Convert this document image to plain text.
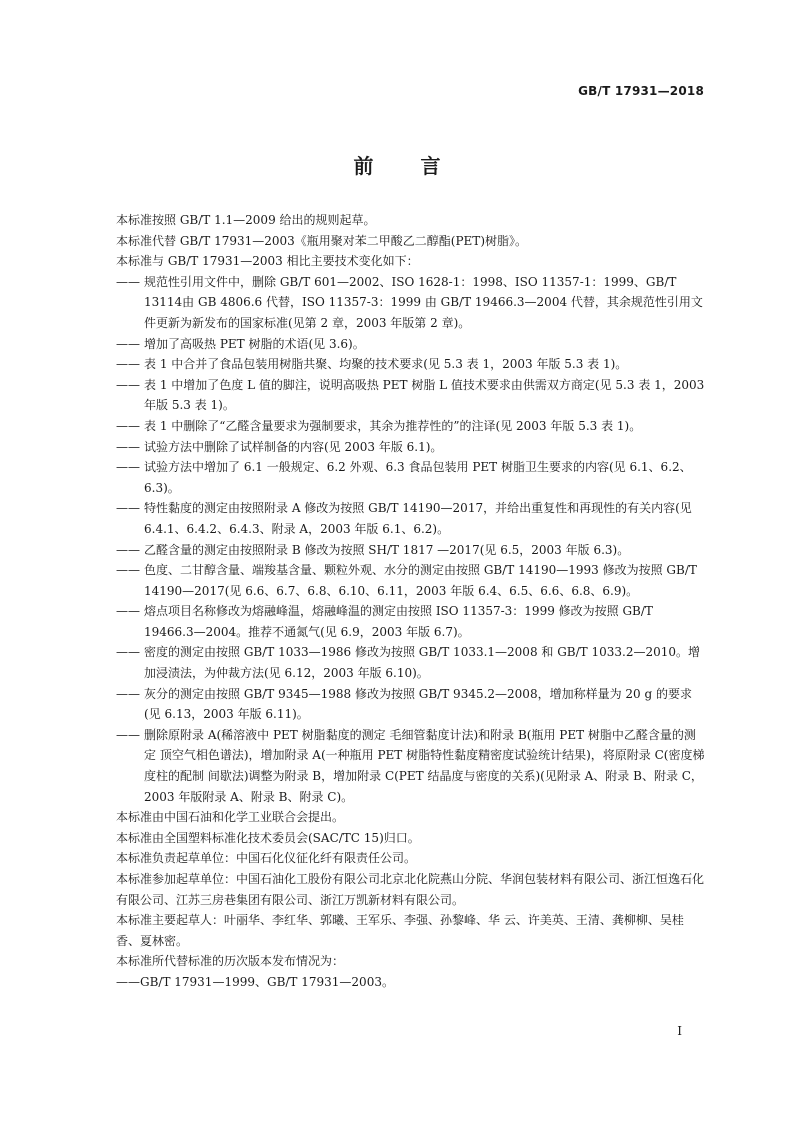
GB/T 17931—2018
前 言
本标准按照 GB/T 1.1—2009 给出的规则起草。
本标准代替 GB/T 17931—2003《瓶用聚对苯二甲酸乙二醇酯(PET)树脂》。
本标准与 GB/T 17931—2003 相比主要技术变化如下：
—— 规范性引用文件中，删除 GB/T 601—2002、ISO 1628-1：1998、ISO 11357-1：1999、GB/T 13114由 GB 4806.6 代替，ISO 11357-3：1999 由 GB/T 19466.3—2004 代替，其余规范性引用文件更新为新发布的国家标准(见第 2 章，2003 年版第 2 章)。
—— 增加了高吸热 PET 树脂的术语(见 3.6)。
—— 表 1 中合并了食品包装用树脂共聚、均聚的技术要求(见 5.3 表 1，2003 年版 5.3 表 1)。
—— 表 1 中增加了色度 L 值的脚注，说明高吸热 PET 树脂 L 值技术要求由供需双方商定(见 5.3 表 1，2003 年版 5.3 表 1)。
—— 表 1 中删除了“乙醛含量要求为强制要求，其余为推荐性的”的注译(见 2003 年版 5.3 表 1)。
—— 试验方法中删除了试样制备的内容(见 2003 年版 6.1)。
—— 试验方法中增加了 6.1 一般规定、6.2 外观、6.3 食品包装用 PET 树脂卫生要求的内容(见 6.1、6.2、6.3)。
—— 特性黏度的测定由按照附录 A 修改为按照 GB/T 14190—2017，并给出重复性和再现性的有关内容(见 6.4.1、6.4.2、6.4.3、附录 A，2003 年版 6.1、6.2)。
—— 乙醛含量的测定由按照附录 B 修改为按照 SH/T 1817 —2017(见 6.5，2003 年版 6.3)。
—— 色度、二甘醇含量、端羧基含量、颗粒外观、水分的测定由按照 GB/T 14190—1993 修改为按照 GB/T 14190—2017(见 6.6、6.7、6.8、6.10、6.11，2003 年版 6.4、6.5、6.6、6.8、6.9)。
—— 熔点项目名称修改为熔融峰温，熔融峰温的测定由按照 ISO 11357-3：1999 修改为按照 GB/T 19466.3—2004。推荐不通氮气(见 6.9，2003 年版 6.7)。
—— 密度的测定由按照 GB/T 1033—1986 修改为按照 GB/T 1033.1—2008 和 GB/T 1033.2—2010。增加浸渍法，为仲裁方法(见 6.12，2003 年版 6.10)。
—— 灰分的测定由按照 GB/T 9345—1988 修改为按照 GB/T 9345.2—2008，增加称样量为 20 g 的要求(见 6.13，2003 年版 6.11)。
—— 删除原附录 A(稀溶液中 PET 树脂黏度的测定 毛细管黏度计法)和附录 B(瓶用 PET 树脂中乙醛含量的测定 顶空气相色谱法)，增加附录 A(一种瓶用 PET 树脂特性黏度精密度试验统计结果)，将原附录 C(密度梯度柱的配制 间歇法)调整为附录 B，增加附录 C(PET 结晶度与密度的关系)(见附录 A、附录 B、附录 C，2003 年版附录 A、附录 B、附录 C)。
本标准由中国石油和化学工业联合会提出。
本标准由全国塑料标准化技术委员会(SAC/TC 15)归口。
本标准负责起草单位：中国石化仪征化纤有限责任公司。
本标准参加起草单位：中国石油化工股份有限公司北京北化院燕山分院、华润包装材料有限公司、浙江恒逸石化有限公司、江苏三房巷集团有限公司、浙江万凯新材料有限公司。
本标准主要起草人：叶丽华、李红华、郭曦、王军乐、李强、孙黎峰、华 云、许美英、王清、龚柳柳、吴桂香、夏林密。
本标准所代替标准的历次版本发布情况为：
——GB/T 17931—1999、GB/T 17931—2003。
I
